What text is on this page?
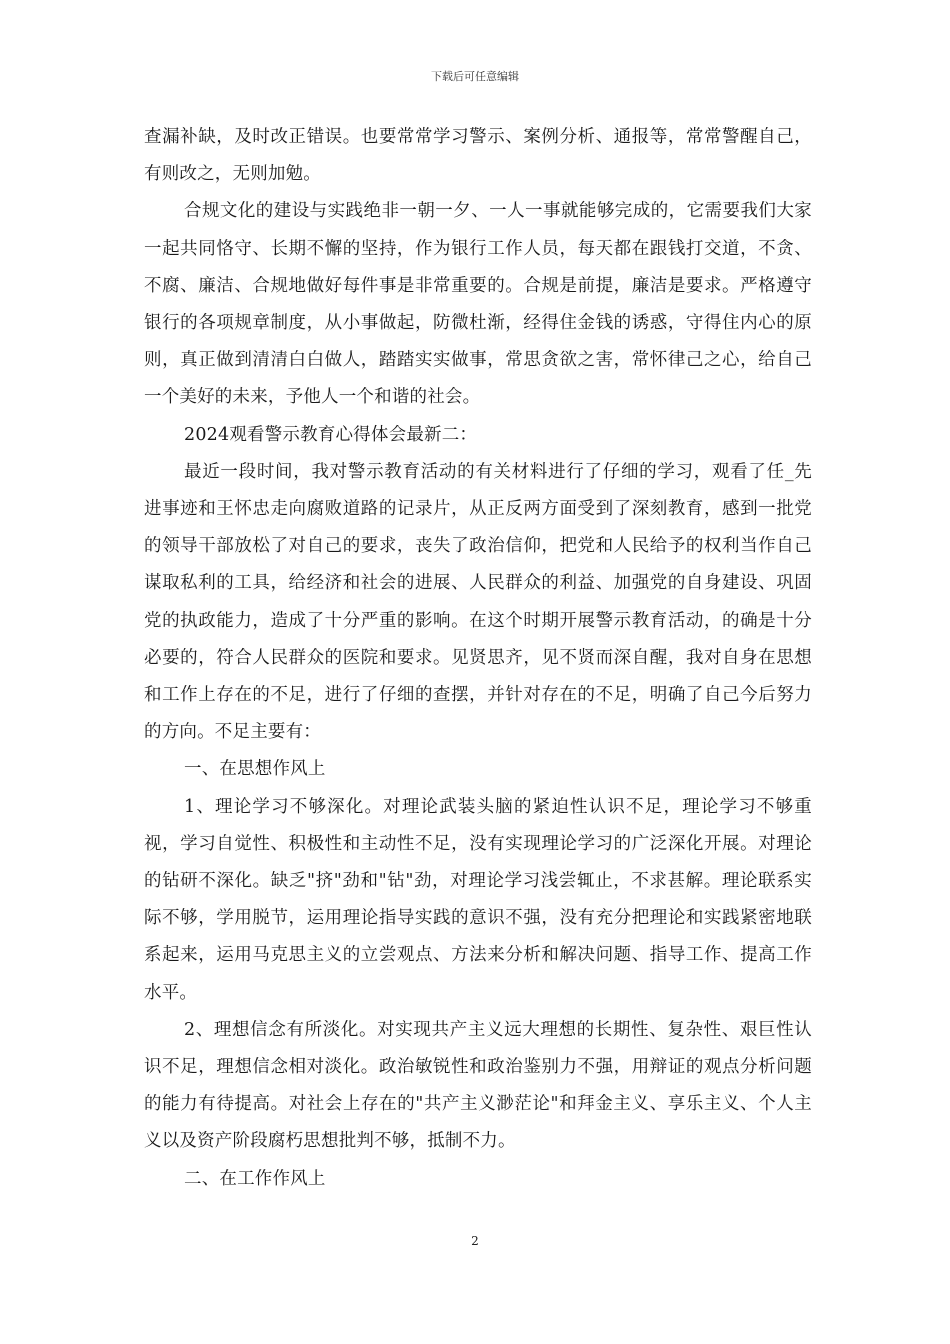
下载后可任意编辑

查漏补缺，及时改正错误。也要常常学习警示、案例分析、通报等，常常警醒自己，有则改之，无则加勉。

合规文化的建设与实践绝非一朝一夕、一人一事就能够完成的，它需要我们大家一起共同恪守、长期不懈的坚持，作为银行工作人员，每天都在跟钱打交道，不贪、不腐、廉洁、合规地做好每件事是非常重要的。合规是前提，廉洁是要求。严格遵守银行的各项规章制度，从小事做起，防微杜渐，经得住金钱的诱惑，守得住内心的原则，真正做到清清白白做人，踏踏实实做事，常思贪欲之害，常怀律己之心，给自己一个美好的未来，予他人一个和谐的社会。

2024观看警示教育心得体会最新二：

最近一段时间，我对警示教育活动的有关材料进行了仔细的学习，观看了任_先进事迹和王怀忠走向腐败道路的记录片，从正反两方面受到了深刻教育，感到一批党的领导干部放松了对自己的要求，丧失了政治信仰，把党和人民给予的权利当作自己谋取私利的工具，给经济和社会的进展、人民群众的利益、加强党的自身建设、巩固党的执政能力，造成了十分严重的影响。在这个时期开展警示教育活动，的确是十分必要的，符合人民群众的医院和要求。见贤思齐，见不贤而深自醒，我对自身在思想和工作上存在的不足，进行了仔细的查摆，并针对存在的不足，明确了自己今后努力的方向。不足主要有：

一、在思想作风上

1、理论学习不够深化。对理论武装头脑的紧迫性认识不足，理论学习不够重视，学习自觉性、积极性和主动性不足，没有实现理论学习的广泛深化开展。对理论的钻研不深化。缺乏"挤"劲和"钻"劲，对理论学习浅尝辄止，不求甚解。理论联系实际不够，学用脱节，运用理论指导实践的意识不强，没有充分把理论和实践紧密地联系起来，运用马克思主义的立尝观点、方法来分析和解决问题、指导工作、提高工作水平。

2、理想信念有所淡化。对实现共产主义远大理想的长期性、复杂性、艰巨性认识不足，理想信念相对淡化。政治敏锐性和政治鉴别力不强，用辩证的观点分析问题的能力有待提高。对社会上存在的"共产主义渺茫论"和拜金主义、享乐主义、个人主义以及资产阶段腐朽思想批判不够，抵制不力。

二、在工作作风上

2
